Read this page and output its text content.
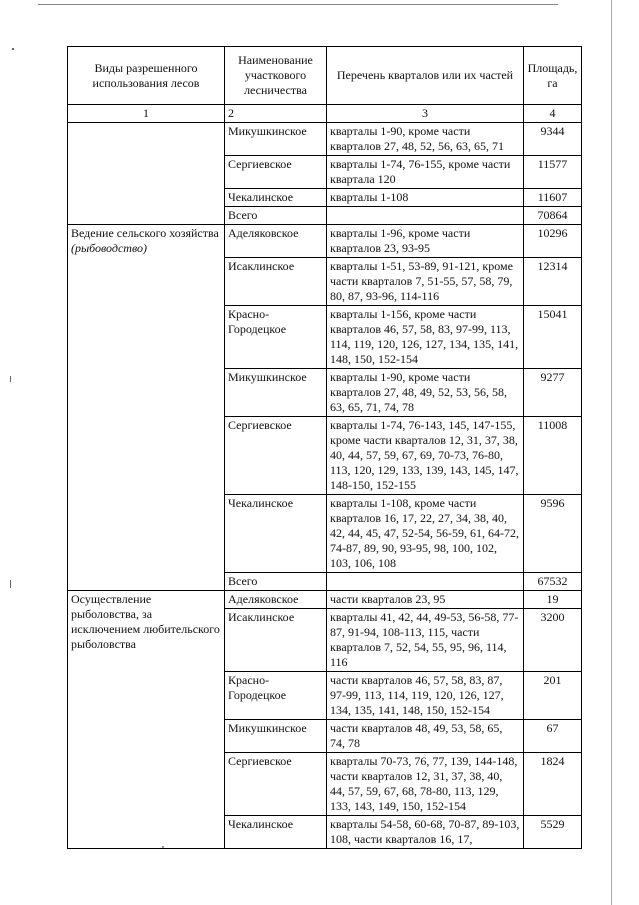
Виды разрешенного использования лесов	Наименование участкового лесничества	Перечень кварталов или их частей	Площадь, га
1	2	3	4
	Микушкинское	кварталы 1-90, кроме части кварталов 27, 48, 52, 56, 63, 65, 71	9344
	Сергиевское	кварталы 1-74, 76-155, кроме части квартала 120	11577
	Чекалинское	кварталы 1-108	11607
	Всего		70864
Ведение сельского хозяйства (рыбоводство)	Аделяковское	кварталы 1-96, кроме части кварталов 23, 93-95	10296
	Исаклинское	кварталы 1-51, 53-89, 91-121, кроме части кварталов 7, 51-55, 57, 58, 79, 80, 87, 93-96, 114-116	12314
	Красно-Городецкое	кварталы 1-156, кроме части кварталов 46, 57, 58, 83, 97-99, 113, 114, 119, 120, 126, 127, 134, 135, 141, 148, 150, 152-154	15041
	Микушкинское	кварталы 1-90, кроме части кварталов 27, 48, 49, 52, 53, 56, 58, 63, 65, 71, 74, 78	9277
	Сергиевское	кварталы 1-74, 76-143, 145, 147-155, кроме части кварталов 12, 31, 37, 38, 40, 44, 57, 59, 67, 69, 70-73, 76-80, 113, 120, 129, 133, 139, 143, 145, 147, 148-150, 152-155	11008
	Чекалинское	кварталы 1-108, кроме части кварталов 16, 17, 22, 27, 34, 38, 40, 42, 44, 45, 47, 52-54, 56-59, 61, 64-72, 74-87, 89, 90, 93-95, 98, 100, 102, 103, 106, 108	9596
	Всего		67532
Осуществление рыболовства, за исключением любительского рыболовства	Аделяковское	части кварталов 23, 95	19
	Исаклинское	кварталы 41, 42, 44, 49-53, 56-58, 77-87, 91-94, 108-113, 115, части кварталов 7, 52, 54, 55, 95, 96, 114, 116	3200
	Красно-Городецкое	части кварталов 46, 57, 58, 83, 87, 97-99, 113, 114, 119, 120, 126, 127, 134, 135, 141, 148, 150, 152-154	201
	Микушкинское	части кварталов 48, 49, 53, 58, 65, 74, 78	67
	Сергиевское	кварталы 70-73, 76, 77, 139, 144-148, части кварталов 12, 31, 37, 38, 40, 44, 57, 59, 67, 68, 78-80, 113, 129, 133, 143, 149, 150, 152-154	1824
	Чекалинское	кварталы 54-58, 60-68, 70-87, 89-103, 108, части кварталов 16, 17,	5529
